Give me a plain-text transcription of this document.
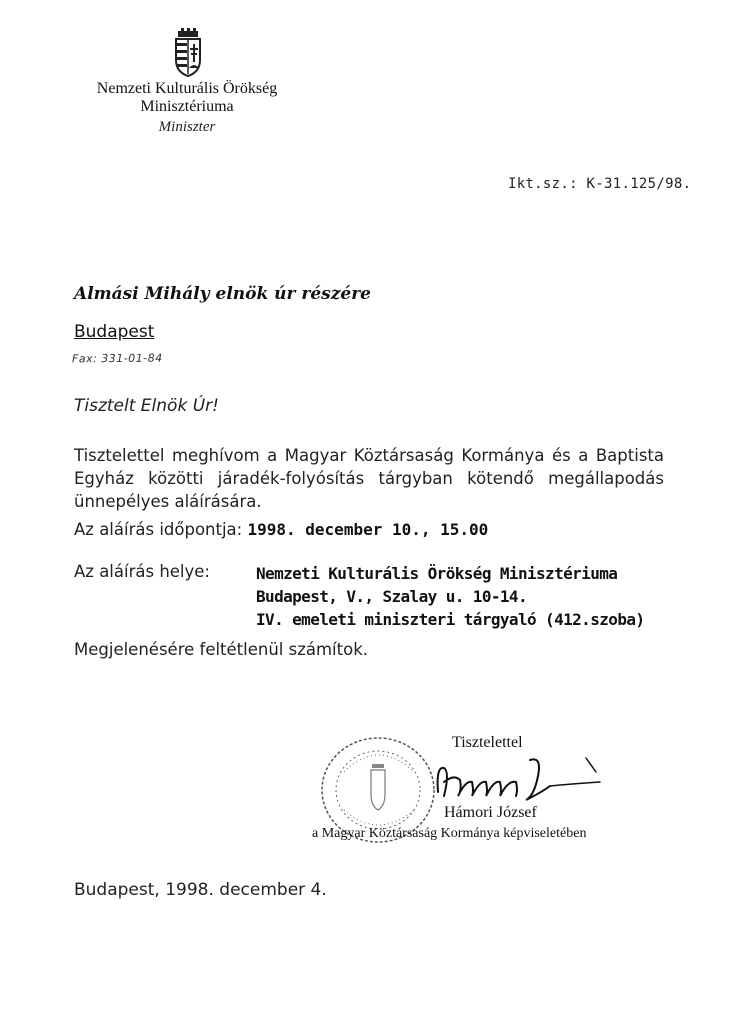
Nemzeti Kulturális Örökség
Minisztériuma
Miniszter
Ikt.sz.: K-31.125/98.
Almási Mihály elnök úr részére
Budapest
Fax: 331-01-84
Tisztelt Elnök Úr!
Tisztelettel meghívom a Magyar Köztársaság Kormánya és a Baptista Egyház közötti járadék-folyósítás tárgyban kötendő megállapodás ünnepélyes aláírására.
Az aláírás időpontja: 1998. december 10., 15.00
Az aláírás helye:	Nemzeti Kulturális Örökség Minisztériuma
Budapest, V., Szalay u. 10-14.
IV. emeleti miniszteri tárgyaló (412.szoba)
Megjelenésére feltétlenül számítok.
Tisztelettel
Hámori József
a Magyar Köztársaság Kormánya képviseletében
Budapest, 1998. december 4.
